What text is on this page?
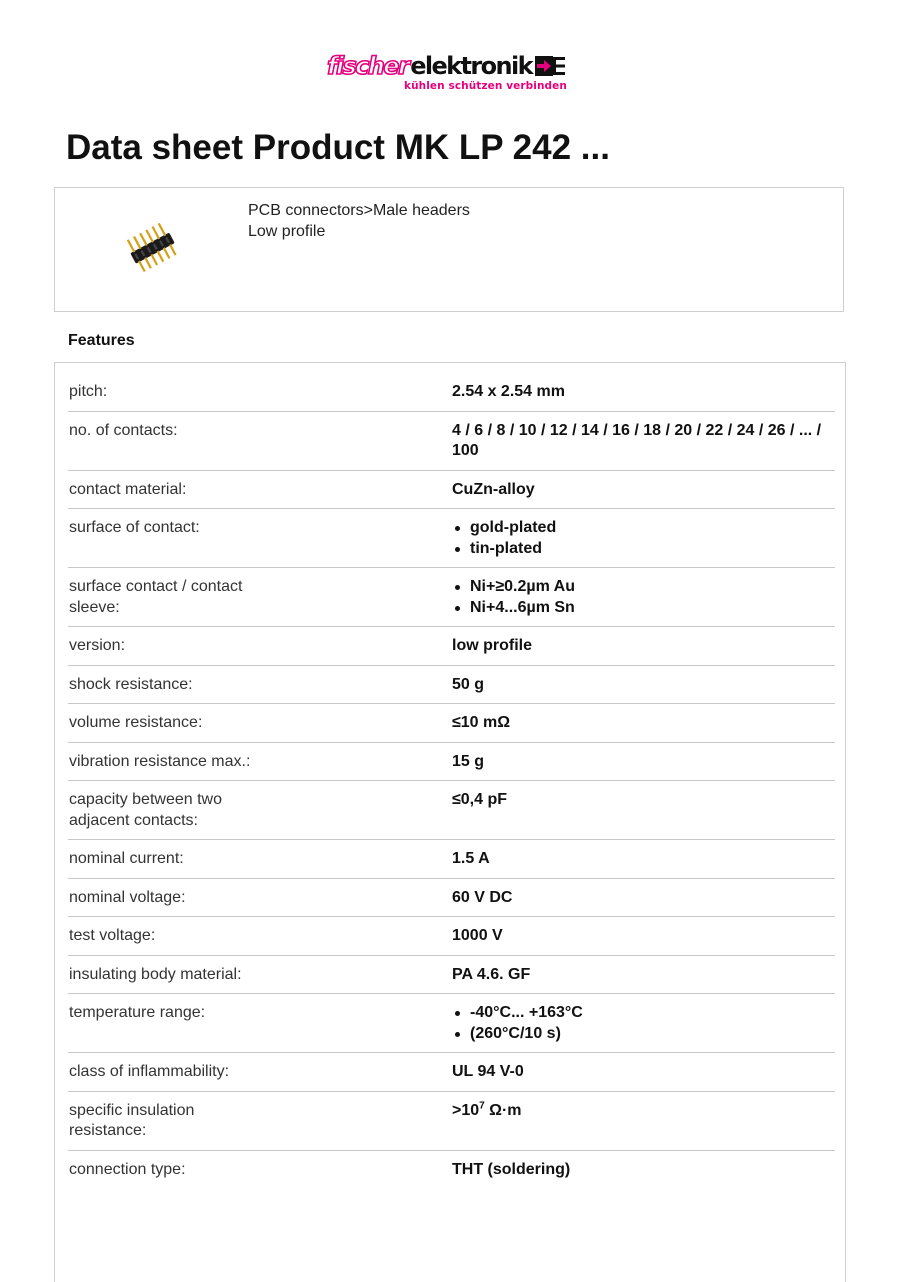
fischer elektronik
kühlen schützen verbinden
Data sheet Product MK LP 242 ...
PCB connectors>Male headers
Low profile
Features
pitch:	2.54 x 2.54 mm
no. of contacts:	4 / 6 / 8 / 10 / 12 / 14 / 16 / 18 / 20 / 22 / 24 / 26 / ... / 100
contact material:	CuZn-alloy
surface of contact:	gold-plated
tin-plated
surface contact / contact sleeve:
Ni+≥0.2µm Au
Ni+4...6µm Sn
version:	low profile
shock resistance:	50 g
volume resistance:	≤10 mΩ
vibration resistance max.:	15 g
capacity between two adjacent contacts:
≤0,4 pF
nominal current:	1.5 A
nominal voltage:	60 V DC
test voltage:	1000 V
insulating body material:	PA 4.6. GF
temperature range:	-40°C... +163°C
(260°C/10 s)
class of inflammability:	UL 94 V-0
specific insulation resistance:
$>10^7$ Ω·m
connection type:	THT (soldering)
